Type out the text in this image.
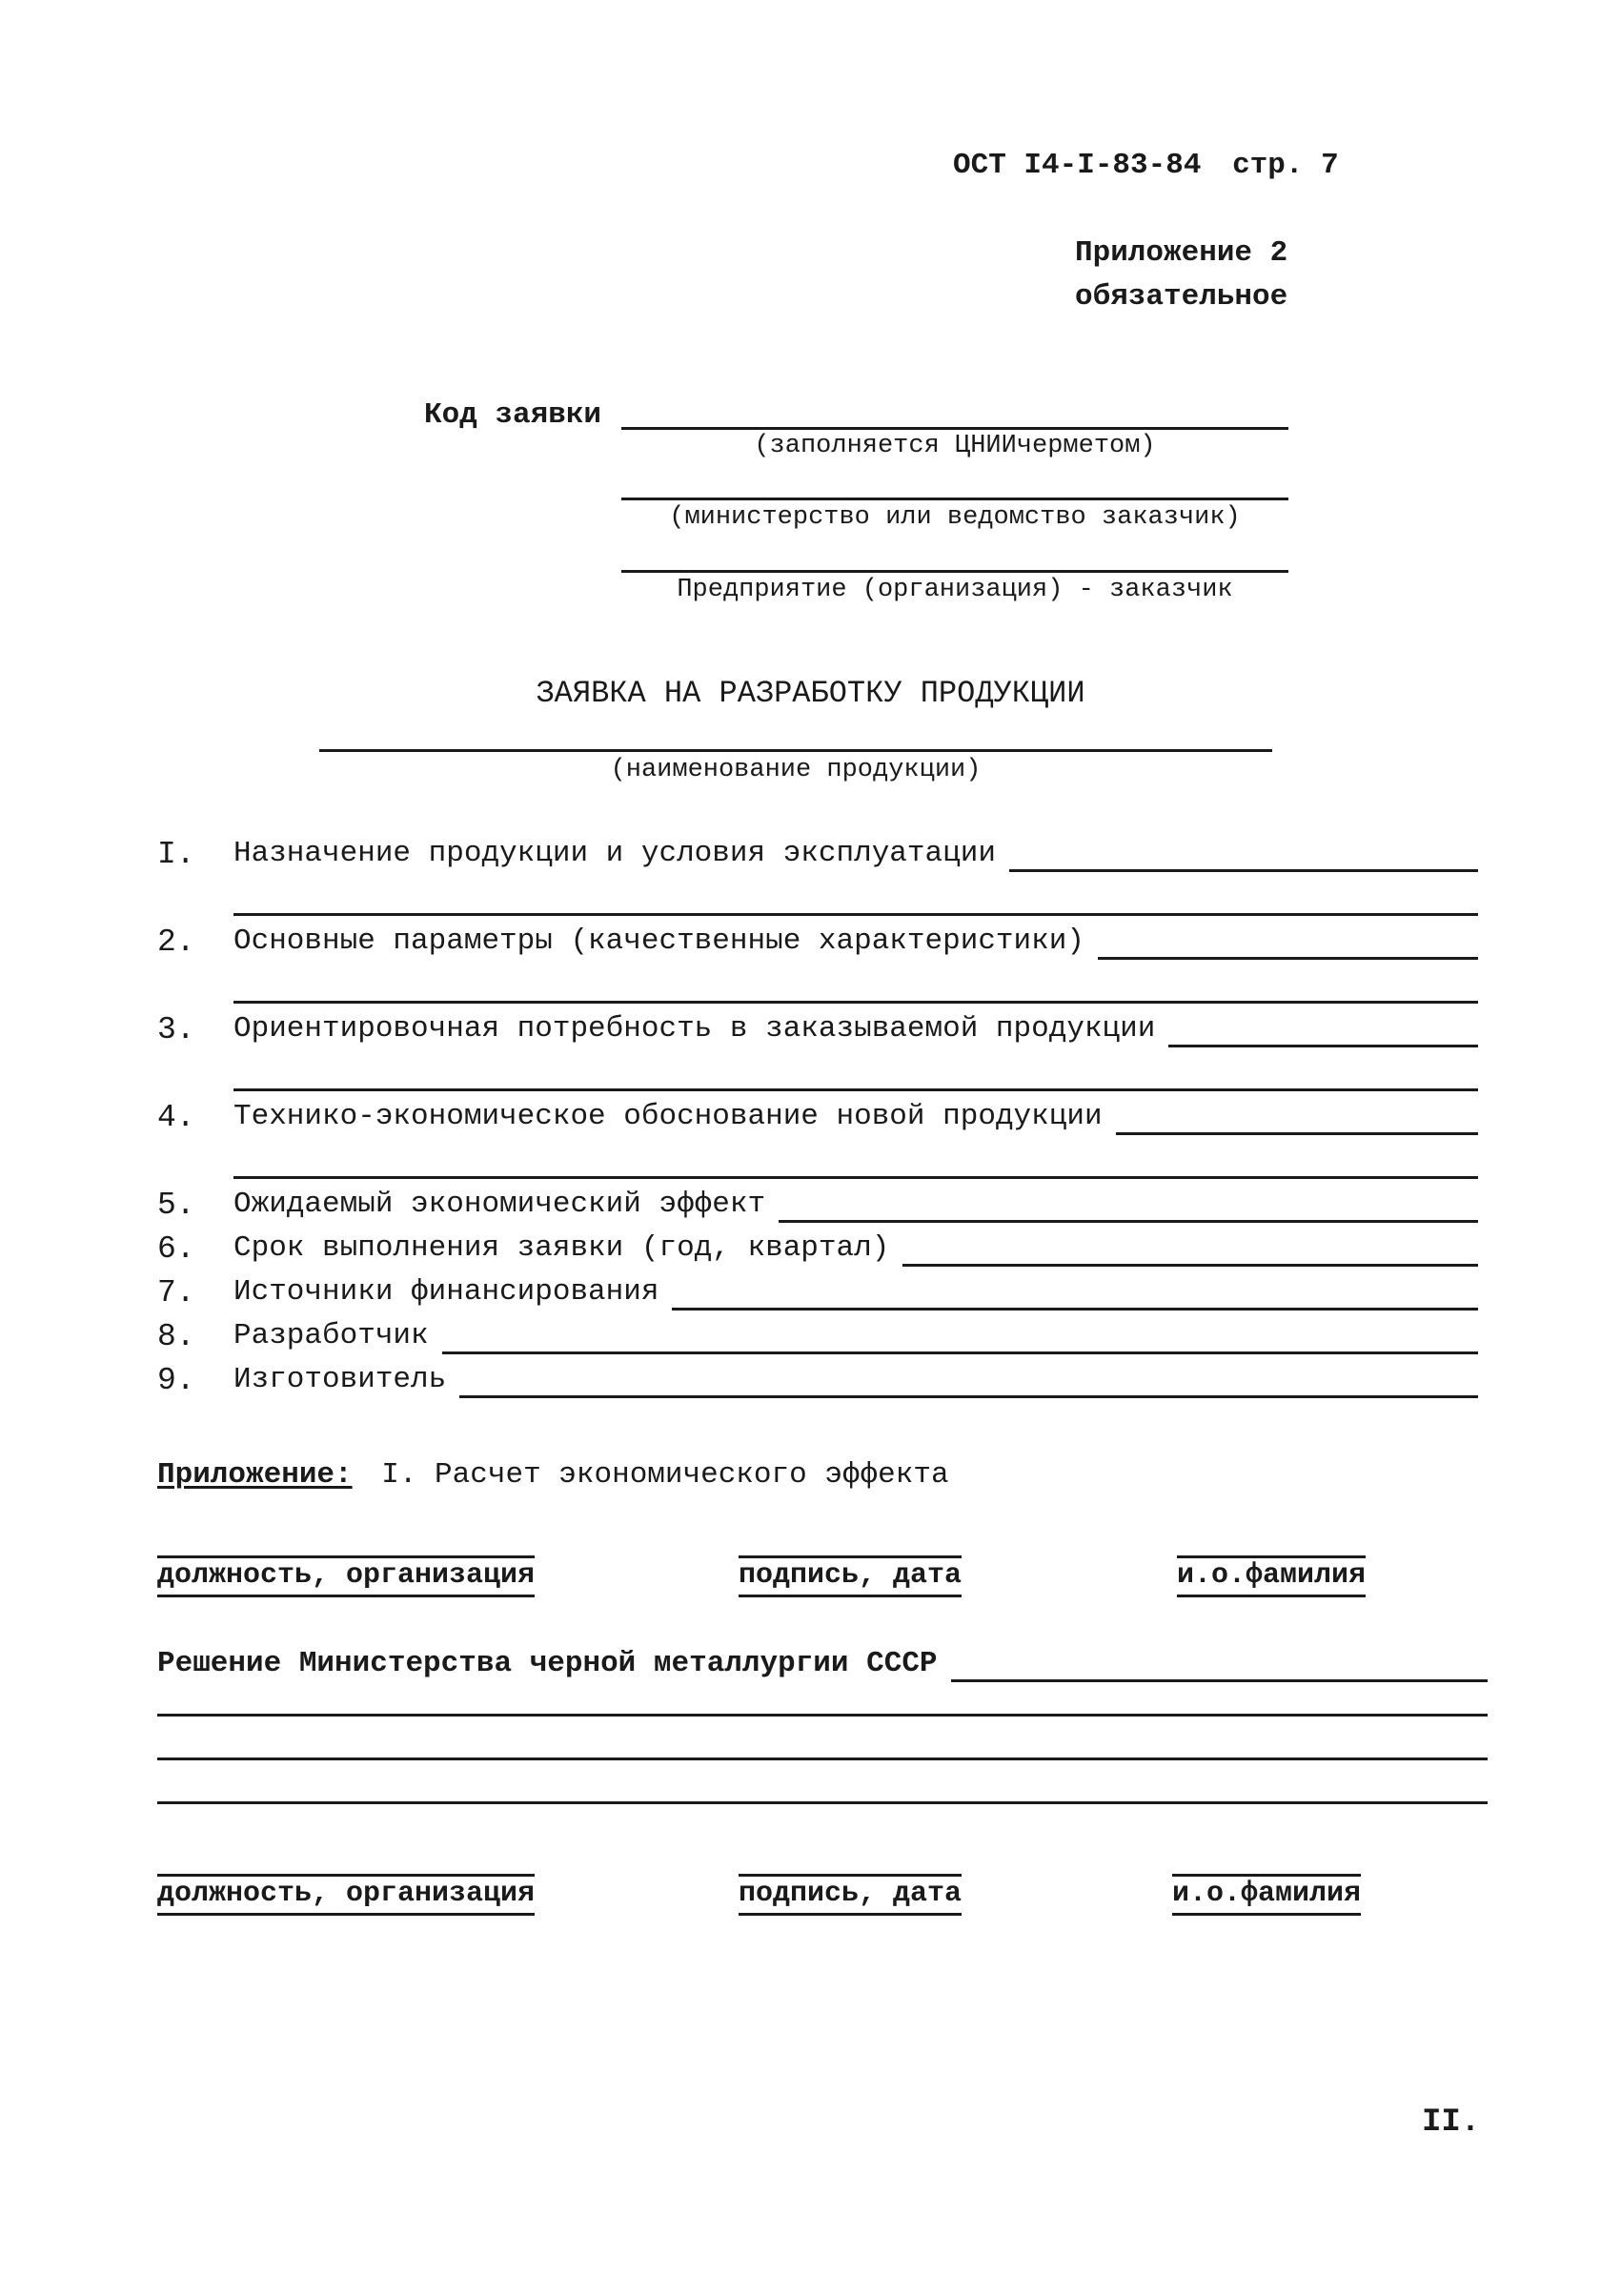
ОСТ I4-I-83-84 стр. 7
Приложение 2
обязательное
Код заявки
(заполняется ЦНИИчерметом)
(министерство или ведомство заказчик)
Предприятие (организация) - заказчик
ЗАЯВКА НА РАЗРАБОТКУ ПРОДУКЦИИ
(наименование продукции)
I. Назначение продукции и условия эксплуатации
2. Основные параметры (качественные характеристики)
3. Ориентировочная потребность в заказываемой продукции
4. Технико-экономическое обоснование новой продукции
5. Ожидаемый экономический эффект
6. Срок выполнения заявки (год, квартал)
7. Источники финансирования
8. Разработчик
9. Изготовитель
Приложение: I. Расчет экономического эффекта
должность, организация	подпись, дата	и.о.фамилия
Решение Министерства черной металлургии СССР
должность, организация	подпись, дата	и.о.фамилия
II.
